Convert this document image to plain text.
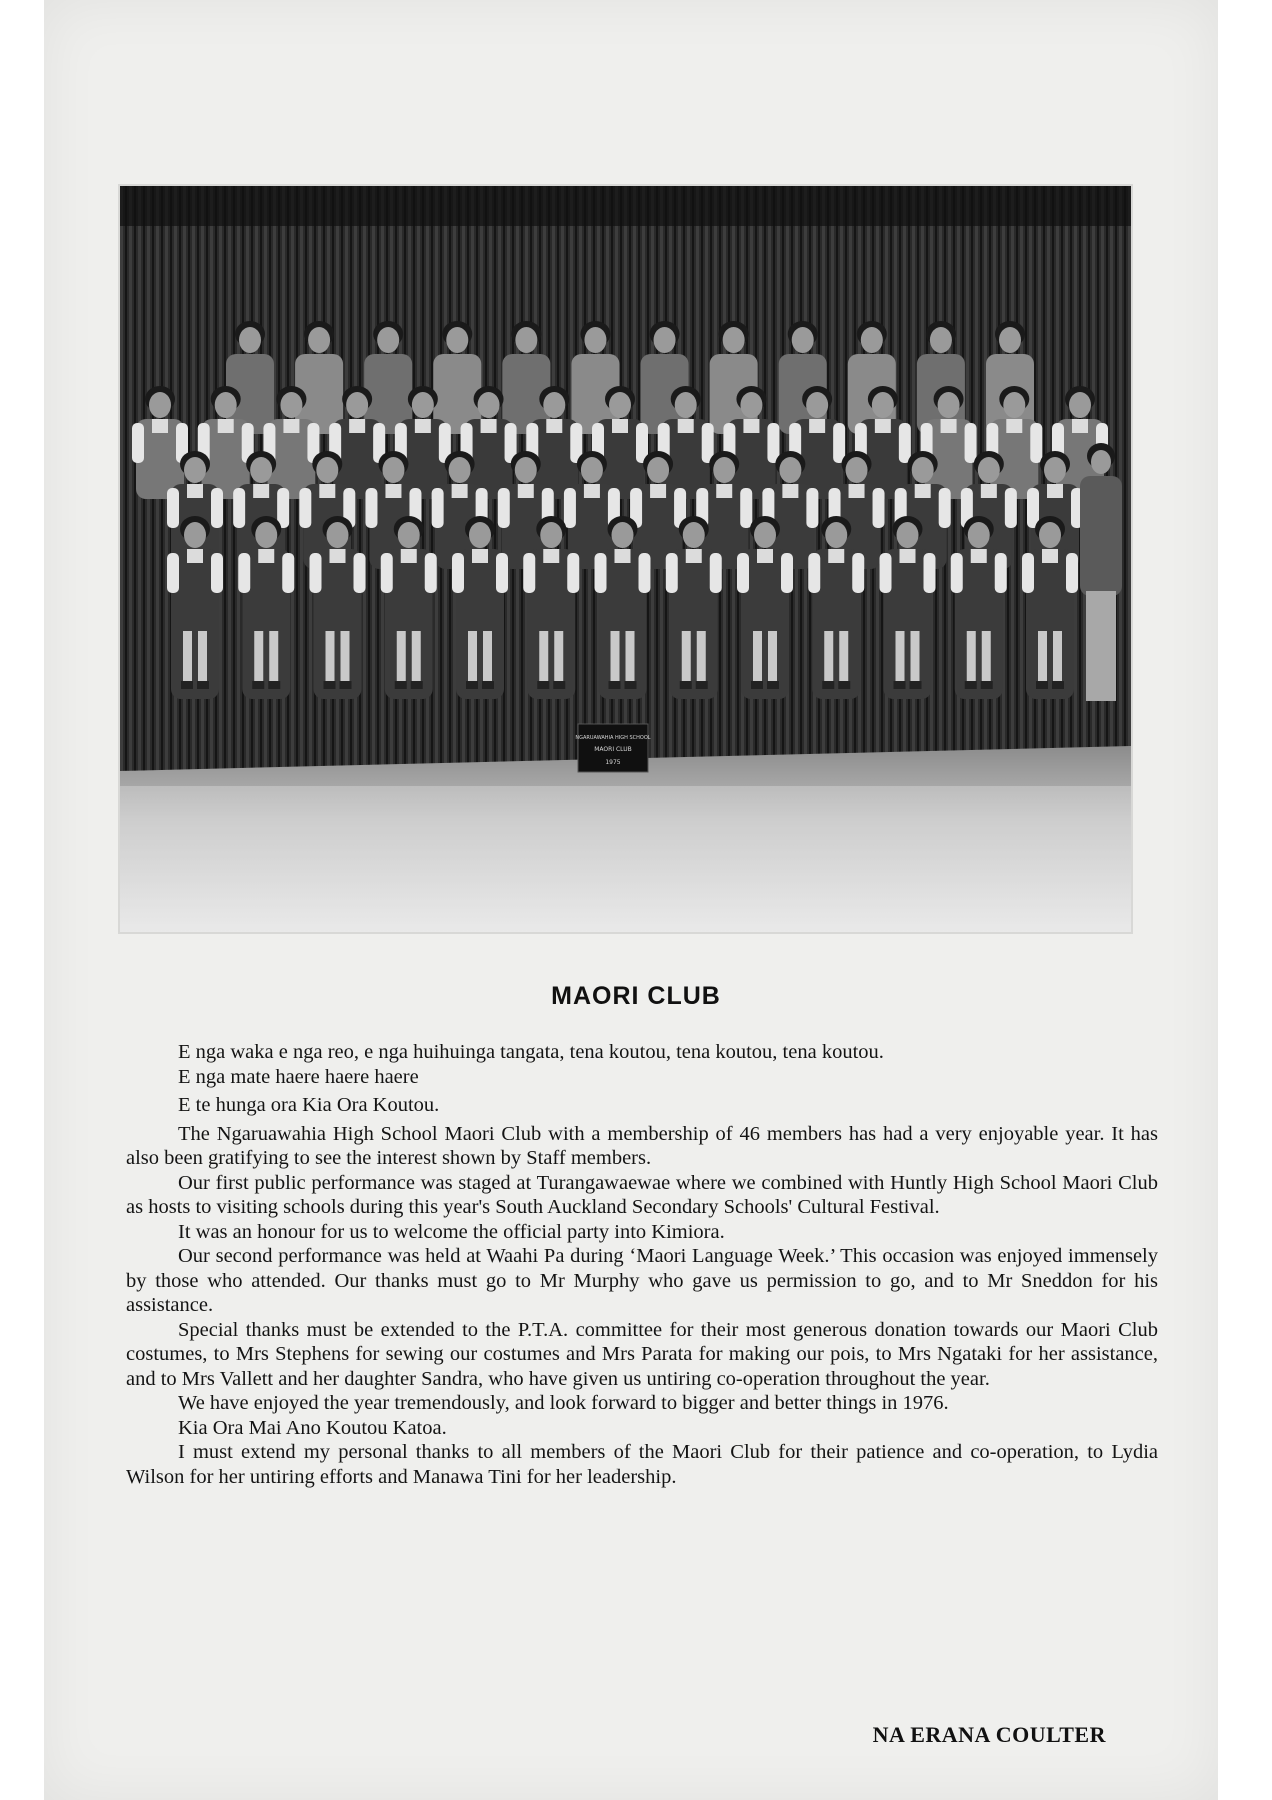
NGARUAWAHIA HIGH SCHOOL
MAORI CLUB
1975
MAORI CLUB

E nga waka e nga reo, e nga huihuinga tangata, tena koutou, tena koutou, tena koutou.

E nga mate haere haere haere

E te hunga ora Kia Ora Koutou.

The Ngaruawahia High School Maori Club with a membership of 46 members has had a very enjoyable year. It has also been gratifying to see the interest shown by Staff members.

Our first public performance was staged at Turangawaewae where we combined with Huntly High School Maori Club as hosts to visiting schools during this year's South Auckland Secondary Schools' Cultural Festival.

It was an honour for us to welcome the official party into Kimiora.

Our second performance was held at Waahi Pa during ‘Maori Language Week.’ This occasion was enjoyed immensely by those who attended. Our thanks must go to Mr Murphy who gave us permission to go, and to Mr Sneddon for his assistance.

Special thanks must be extended to the P.T.A. committee for their most generous donation towards our Maori Club costumes, to Mrs Stephens for sewing our costumes and Mrs Parata for making our pois, to Mrs Ngataki for her assistance, and to Mrs Vallett and her daughter Sandra, who have given us untiring co-operation throughout the year.

We have enjoyed the year tremendously, and look forward to bigger and better things in 1976.

Kia Ora Mai Ano Koutou Katoa.

I must extend my personal thanks to all members of the Maori Club for their patience and co-operation, to Lydia Wilson for her untiring efforts and Manawa Tini for her leadership.

NA ERANA COULTER
